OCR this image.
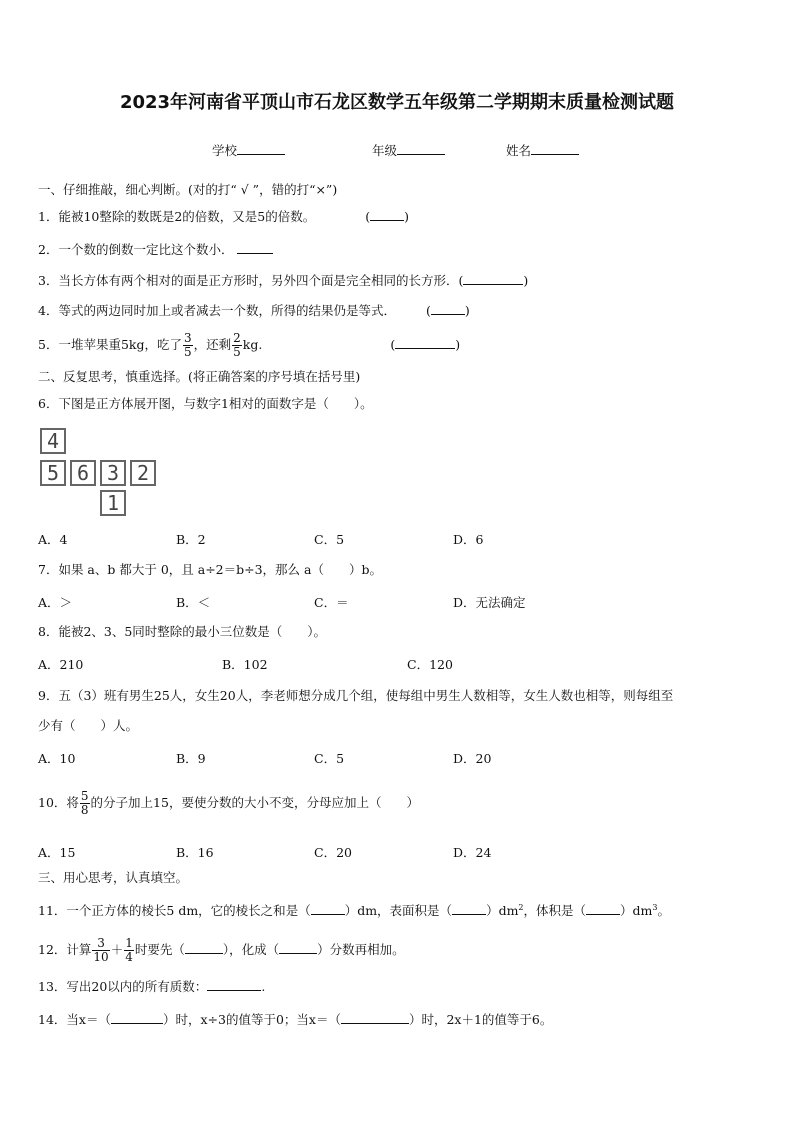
2023年河南省平顶山市石龙区数学五年级第二学期期末质量检测试题
学校	年级	姓名
一、仔细推敲，细心判断。(对的打“ √ ”，错的打“×”)
1．能被10整除的数既是2的倍数，又是5的倍数。	(	)
2．一个数的倒数一定比这个数小．
3．当长方体有两个相对的面是正方形时，另外四个面是完全相同的长方形．(	)
4．等式的两边同时加上或者减去一个数，所得的结果仍是等式． (	)
5．一堆苹果重5kg，吃了 $\frac{3}{5}$ ，还剩 $\frac{2}{5}$ kg.	(	)
二、反复思考，慎重选择。(将正确答案的序号填在括号里)
6．下图是正方体展开图，与数字1相对的面数字是（　　）。
4
5 6 3 2
1
A．4	B．2	C．5	D．6
7．如果 a、b 都大于 0，且 a÷2＝b÷3，那么 a（　　）b。
A．＞	B．＜	C．＝	D．无法确定
8．能被2、3、5同时整除的最小三位数是（　　）。
A．210	B．102	C．120
9．五（3）班有男生25人，女生20人，李老师想分成几个组，使每组中男生人数相等，女生人数也相等，则每组至
少有（　　）人。
A．10	B．9	C．5	D．20
10．将 $\frac{5}{8}$ 的分子加上15，要使分数的大小不变，分母应加上（　　）
A．15	B．16	C．20	D．24
三、用心思考，认真填空。
11．一个正方体的棱长5 dm，它的棱长之和是（	）dm，表面积是（	）$dm^2$，体积是（	）$dm^3$。
12．计算 $\frac{3}{10} + \frac{1}{4}$ 时要先（	），化成（	）分数再相加。
13．写出20以内的所有质数：	.
14．当x＝（	）时，x÷3的值等于0；当x＝（	）时，2x＋1的值等于6。
